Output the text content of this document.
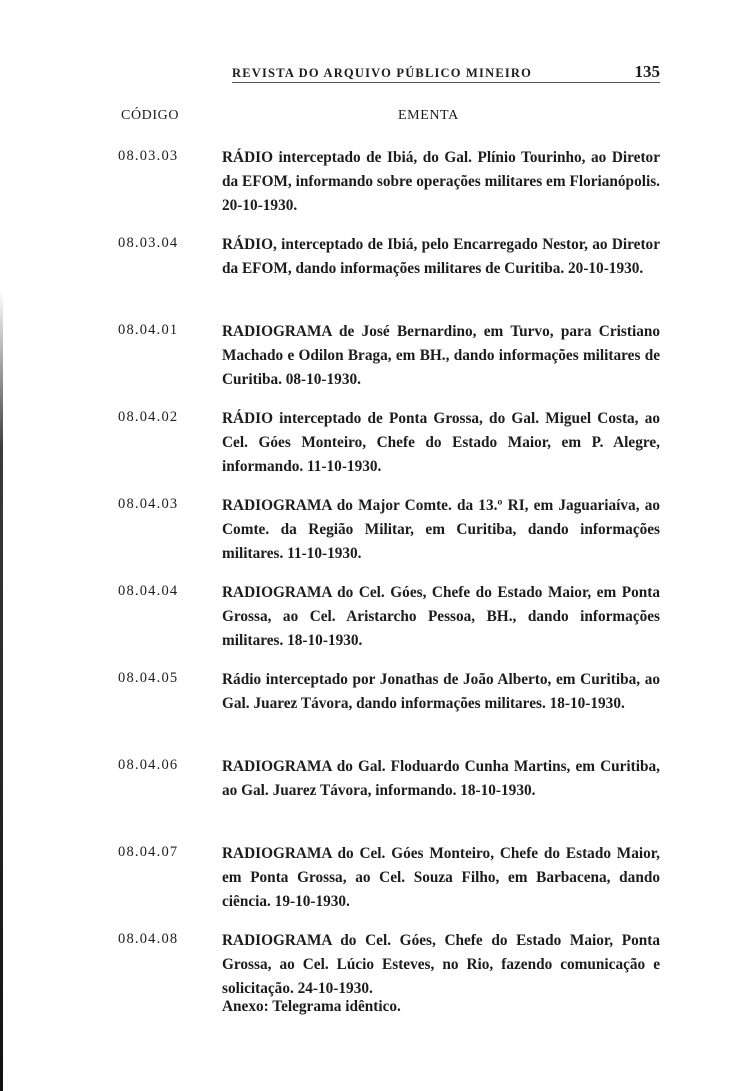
REVISTA DO ARQUIVO PÚBLICO MINEIRO	135
CÓDIGO	EMENTA
08.03.03	RÁDIO interceptado de Ibiá, do Gal. Plínio Tourinho, ao Diretor da EFOM, informando sobre operações militares em Florianópolis. 20-10-1930.
08.03.04	RÁDIO, interceptado de Ibiá, pelo Encarregado Nestor, ao Diretor da EFOM, dando informações militares de Curitiba. 20-10-1930.
08.04.01	RADIOGRAMA de José Bernardino, em Turvo, para Cristiano Machado e Odilon Braga, em BH., dando informações militares de Curitiba. 08-10-1930.
08.04.02	RÁDIO interceptado de Ponta Grossa, do Gal. Miguel Costa, ao Cel. Góes Monteiro, Chefe do Estado Maior, em P. Alegre, informando. 11-10-1930.
08.04.03	RADIOGRAMA do Major Comte. da 13.º RI, em Jaguariaíva, ao Comte. da Região Militar, em Curitiba, dando informações militares. 11-10-1930.
08.04.04	RADIOGRAMA do Cel. Góes, Chefe do Estado Maior, em Ponta Grossa, ao Cel. Aristarcho Pessoa, BH., dando informações militares. 18-10-1930.
08.04.05	Rádio interceptado por Jonathas de João Alberto, em Curitiba, ao Gal. Juarez Távora, dando informações militares. 18-10-1930.
08.04.06	RADIOGRAMA do Gal. Floduardo Cunha Martins, em Curitiba, ao Gal. Juarez Távora, informando. 18-10-1930.
08.04.07	RADIOGRAMA do Cel. Góes Monteiro, Chefe do Estado Maior, em Ponta Grossa, ao Cel. Souza Filho, em Barbacena, dando ciência. 19-10-1930.
08.04.08	RADIOGRAMA do Cel. Góes, Chefe do Estado Maior, Ponta Grossa, ao Cel. Lúcio Esteves, no Rio, fazendo comunicação e solicitação. 24-10-1930.
Anexo: Telegrama idêntico.
